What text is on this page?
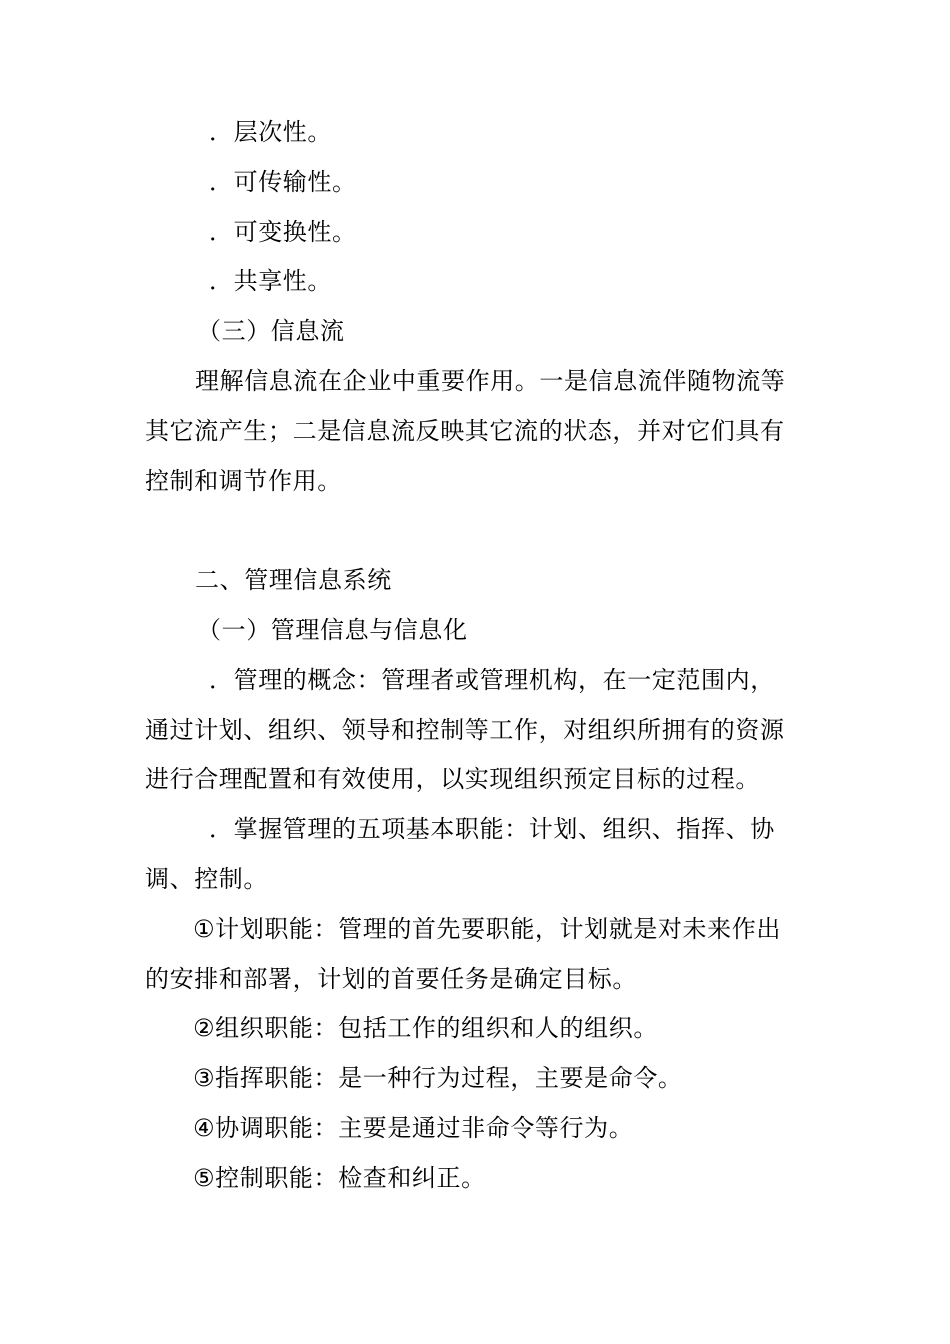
．层次性。
．可传输性。
．可变换性。
．共享性。
（三）信息流
理解信息流在企业中重要作用。一是信息流伴随物流等
其它流产生；二是信息流反映其它流的状态，并对它们具有
控制和调节作用。
二、管理信息系统
（一）管理信息与信息化
．管理的概念：管理者或管理机构，在一定范围内，
通过计划、组织、领导和控制等工作，对组织所拥有的资源
进行合理配置和有效使用，以实现组织预定目标的过程。
．掌握管理的五项基本职能：计划、组织、指挥、协
调、控制。
①计划职能：管理的首先要职能，计划就是对未来作出
的安排和部署，计划的首要任务是确定目标。
②组织职能：包括工作的组织和人的组织。
③指挥职能：是一种行为过程，主要是命令。
④协调职能：主要是通过非命令等行为。
⑤控制职能：检查和纠正。
